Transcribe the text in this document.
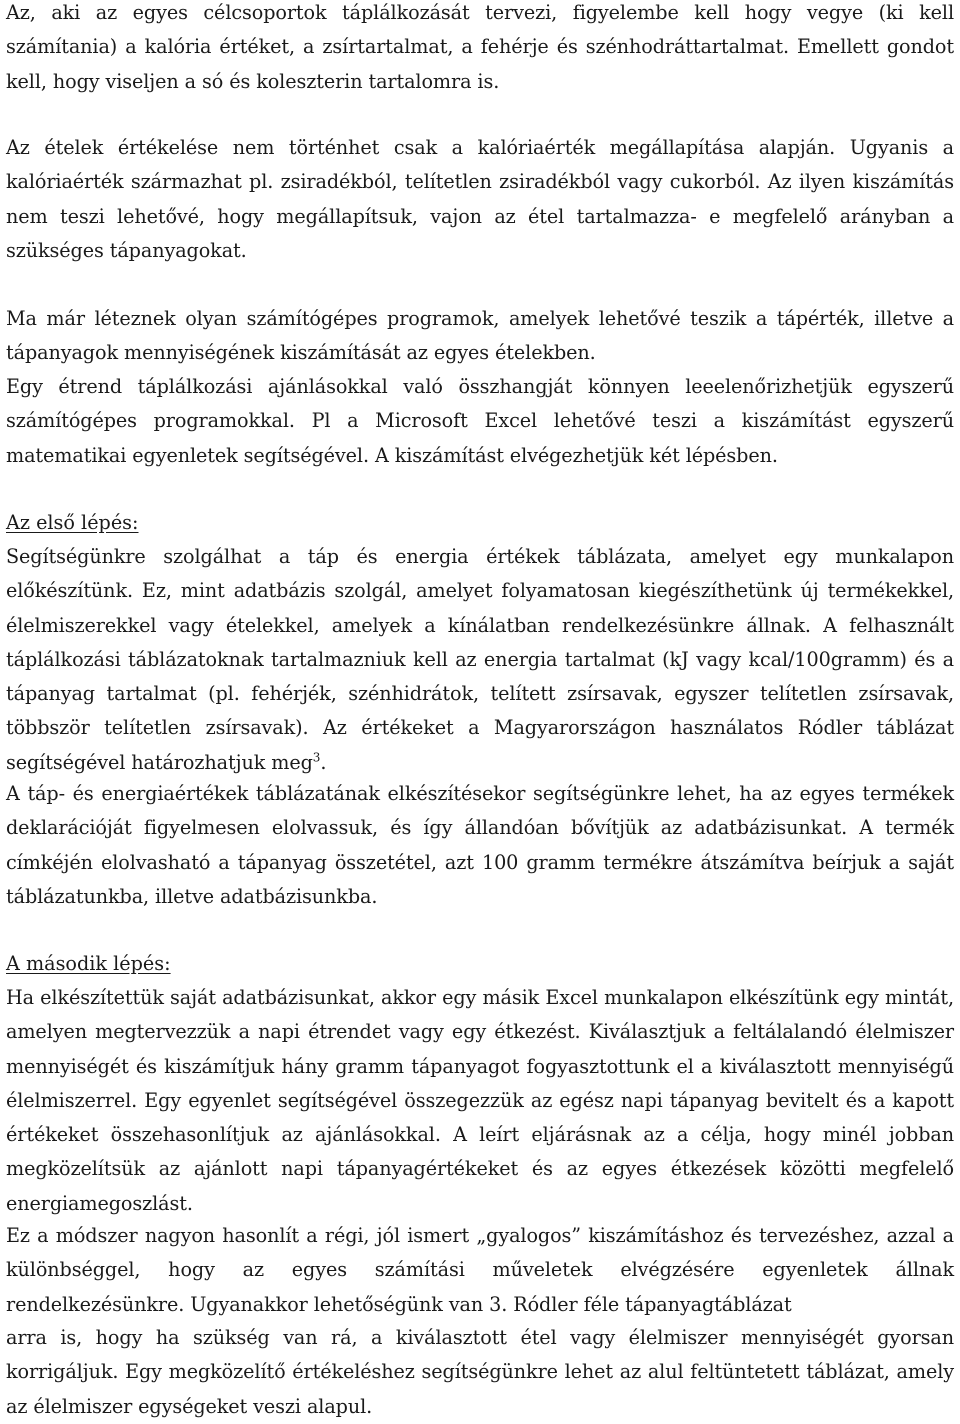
Az, aki az egyes célcsoportok táplálkozását tervezi, figyelembe kell hogy vegye (ki kell számítania) a kalória értéket, a zsírtartalmat, a fehérje és szénhodráttartalmat. Emellett gondot kell, hogy viseljen a só és koleszterin tartalomra is.

Az ételek értékelése nem történhet csak a kalóriaérték megállapítása alapján. Ugyanis a kalóriaérték származhat pl. zsiradékból, telítetlen zsiradékból vagy cukorból. Az ilyen kiszámítás nem teszi lehetővé, hogy megállapítsuk, vajon az étel tartalmazza- e megfelelő arányban a szükséges tápanyagokat.

Ma már léteznek olyan számítógépes programok, amelyek lehetővé teszik a tápérték, illetve a tápanyagok mennyiségének kiszámítását az egyes ételekben.

Egy étrend táplálkozási ajánlásokkal való összhangját könnyen leeelenőrizhetjük egyszerű számítógépes programokkal. Pl a Microsoft Excel lehetővé teszi a kiszámítást egyszerű matematikai egyenletek segítségével. A kiszámítást elvégezhetjük két lépésben.

Az első lépés:

Segítségünkre szolgálhat a táp és energia értékek táblázata, amelyet egy munkalapon előkészítünk. Ez, mint adatbázis szolgál, amelyet folyamatosan kiegészíthetünk új termékekkel, élelmiszerekkel vagy ételekkel, amelyek a kínálatban rendelkezésünkre állnak. A felhasznált táplálkozási táblázatoknak tartalmazniuk kell az energia tartalmat (kJ vagy kcal/100gramm) és a tápanyag tartalmat (pl. fehérjék, szénhidrátok, telített zsírsavak, egyszer telítetlen zsírsavak, többször telítetlen zsírsavak). Az értékeket a Magyarországon használatos Ródler táblázat segítségével határozhatjuk meg$^3$.

A táp- és energiaértékek táblázatának elkészítésekor segítségünkre lehet, ha az egyes termékek deklarációját figyelmesen elolvassuk, és így állandóan bővítjük az adatbázisunkat. A termék címkéjén elolvasható a tápanyag összetétel, azt 100 gramm termékre átszámítva beírjuk a saját táblázatunkba, illetve adatbázisunkba.

A második lépés:

Ha elkészítettük saját adatbázisunkat, akkor egy másik Excel munkalapon elkészítünk egy mintát, amelyen megtervezzük a napi étrendet vagy egy étkezést. Kiválasztjuk a feltálalandó élelmiszer mennyiségét és kiszámítjuk hány gramm tápanyagot fogyasztottunk el a kiválasztott mennyiségű élelmiszerrel. Egy egyenlet segítségével összegezzük az egész napi tápanyag bevitelt és a kapott értékeket összehasonlítjuk az ajánlásokkal. A leírt eljárásnak az a célja, hogy minél jobban megközelítsük az ajánlott napi tápanyagértékeket és az egyes étkezések közötti megfelelő energiamegoszlást.

Ez a módszer nagyon hasonlít a régi, jól ismert „gyalogos” kiszámításhoz és tervezéshez, azzal a különbséggel, hogy az egyes számítási műveletek elvégzésére egyenletek állnak rendelkezésünkre. Ugyanakkor lehetőségünk van 3. Ródler féle tápanyagtáblázat

arra is, hogy ha szükség van rá, a kiválasztott étel vagy élelmiszer mennyiségét gyorsan korrigáljuk. Egy megközelítő értékeléshez segítségünkre lehet az alul feltüntetett táblázat, amely az élelmiszer egységeket veszi alapul.
